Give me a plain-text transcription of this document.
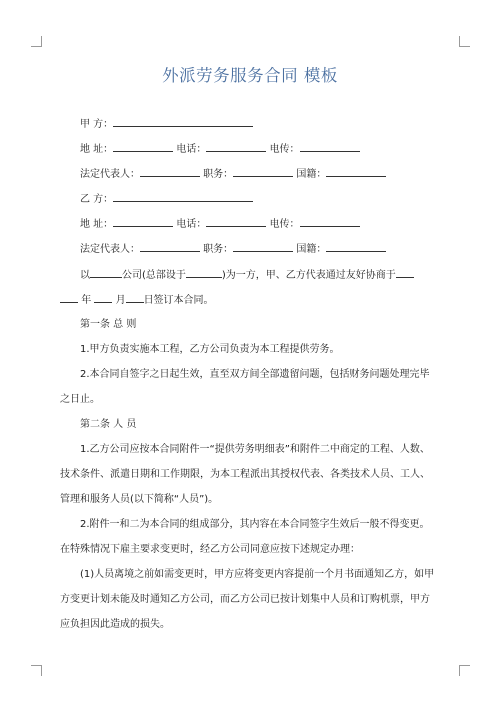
外派劳务服务合同 模板
甲 方：
地 址：	电话：	电传：
法定代表人：	职务：	国籍：
乙 方：
地 址：	电话：	电传：
法定代表人：	职务：	国籍：
以	公司(总部设于	)为一方，甲、乙方代表通过友好协商于
年 月 日签订本合同。
第一条 总 则
1.甲方负责实施本工程，乙方公司负责为本工程提供劳务。
2.本合同自签字之日起生效，直至双方间全部遗留问题，包括财务问题处理完毕
之日止。
第二条 人 员
1.乙方公司应按本合同附件一“提供劳务明细表”和附件二中商定的工程、人数、
技术条件、派遣日期和工作期限，为本工程派出其授权代表、各类技术人员、工人、
管理和服务人员(以下简称“人员”)。
2.附件一和二为本合同的组成部分，其内容在本合同签字生效后一般不得变更。
在特殊情况下雇主要求变更时，经乙方公司同意应按下述规定办理：
(1)人员离境之前如需变更时，甲方应将变更内容提前一个月书面通知乙方，如甲
方变更计划未能及时通知乙方公司，而乙方公司已按计划集中人员和订购机票，甲方
应负担因此造成的损失。
